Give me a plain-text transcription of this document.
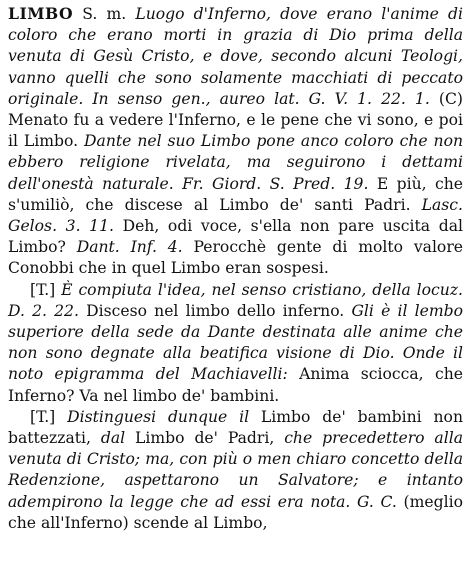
LIMBO S. m. Luogo d'Inferno, dove erano l'anime di coloro che erano morti in grazia di Dio prima della venuta di Gesù Cristo, e dove, secondo alcuni Teologi, vanno quelli che sono solamente macchiati di peccato originale. In senso gen., aureo lat. G. V. 1. 22. 1. (C) Menato fu a vedere l'Inferno, e le pene che vi sono, e poi il Limbo. Dante nel suo Limbo pone anco coloro che non ebbero religione rivelata, ma seguirono i dettami dell'onestà naturale. Fr. Giord. S. Pred. 19. E più, che s'umiliò, che discese al Limbo de' santi Padri. Lasc. Gelos. 3. 11. Deh, odi voce, s'ella non pare uscita dal Limbo? Dant. Inf. 4. Perocchè gente di molto valore Conobbi che in quel Limbo eran sospesi.

[T.] È compiuta l'idea, nel senso cristiano, della locuz. D. 2. 22. Disceso nel limbo dello inferno. Gli è il lembo superiore della sede da Dante destinata alle anime che non sono degnate alla beatifica visione di Dio. Onde il noto epigramma del Machiavelli: Anima sciocca, che Inferno? Va nel limbo de' bambini.

[T.] Distinguesi dunque il Limbo de' bambini non battezzati, dal Limbo de' Padri, che precedettero alla venuta di Cristo; ma, con più o men chiaro concetto della Redenzione, aspettarono un Salvatore; e intanto adempirono la legge che ad essi era nota. G. C. (meglio che all'Inferno) scende al Limbo,
